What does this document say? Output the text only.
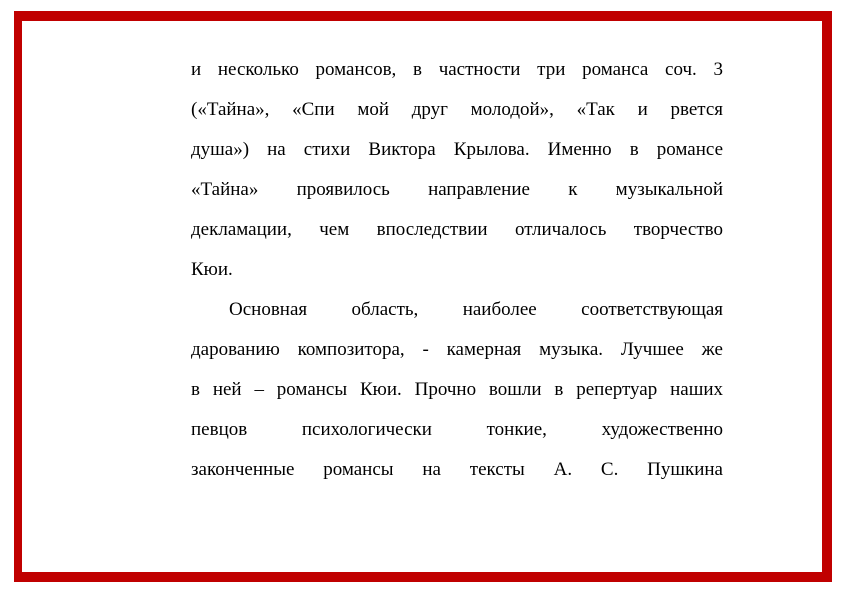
и несколько романсов, в частности три романса соч. 3
(«Тайна», «Спи мой друг молодой», «Так и рвется
душа») на стихи Виктора Крылова. Именно в романсе
«Тайна» проявилось направление к музыкальной
декламации, чем впоследствии отличалось творчество
Кюи.
Основная область, наиболее соответствующая
дарованию композитора, - камерная музыка. Лучшее же
в ней – романсы Кюи. Прочно вошли в репертуар наших
певцов психологически тонкие, художественно
законченные романсы на тексты А. С. Пушкина
